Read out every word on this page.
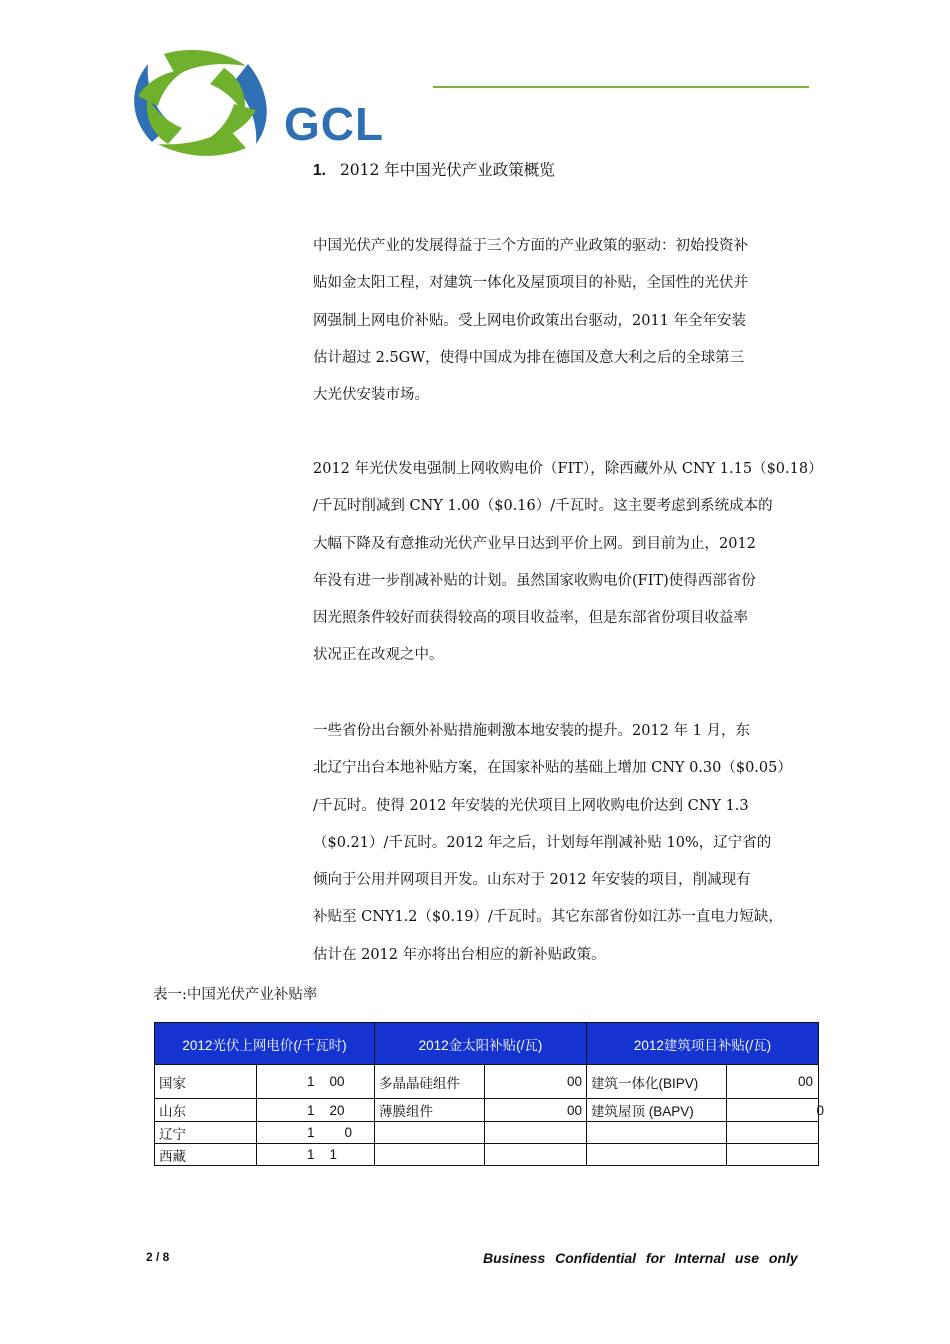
GCL
1. 2012 年中国光伏产业政策概览
中国光伏产业的发展得益于三个方面的产业政策的驱动：初始投资补
贴如金太阳工程，对建筑一体化及屋顶项目的补贴，全国性的光伏并
网强制上网电价补贴。受上网电价政策出台驱动，2011 年全年安装
估计超过 2.5GW，使得中国成为排在德国及意大利之后的全球第三
大光伏安装市场。
2012 年光伏发电强制上网收购电价（FIT），除西藏外从 CNY 1.15（$0.18）
/千瓦时削减到 CNY 1.00（$0.16）/千瓦时。这主要考虑到系统成本的
大幅下降及有意推动光伏产业早日达到平价上网。到目前为止，2012
年没有进一步削减补贴的计划。虽然国家收购电价(FIT)使得西部省份
因光照条件较好而获得较高的项目收益率，但是东部省份项目收益率
状况正在改观之中。
一些省份出台额外补贴措施刺激本地安装的提升。2012 年 1 月，东
北辽宁出台本地补贴方案，在国家补贴的基础上增加 CNY 0.30（$0.05）
/千瓦时。使得 2012 年安装的光伏项目上网收购电价达到 CNY 1.3
（$0.21）/千瓦时。2012 年之后，计划每年削减补贴 10%，辽宁省的
倾向于公用并网项目开发。山东对于 2012 年安装的项目，削减现有
补贴至 CNY1.2（$0.19）/千瓦时。其它东部省份如江苏一直电力短缺，
估计在 2012 年亦将出台相应的新补贴政策。
表一:中国光伏产业补贴率
2012光伏上网电价(/千瓦时)		2012金太阳补贴(/瓦)		2012建筑项目补贴(/瓦)	
国家	1    00	多晶晶硅组件	00	建筑一体化(BIPV)	00
山东	1    20	薄膜组件	00	建筑屋顶 (BAPV)	0
辽宁	1        0				
西藏	1    1				
2 / 8	Business Confidential for Internal use only
